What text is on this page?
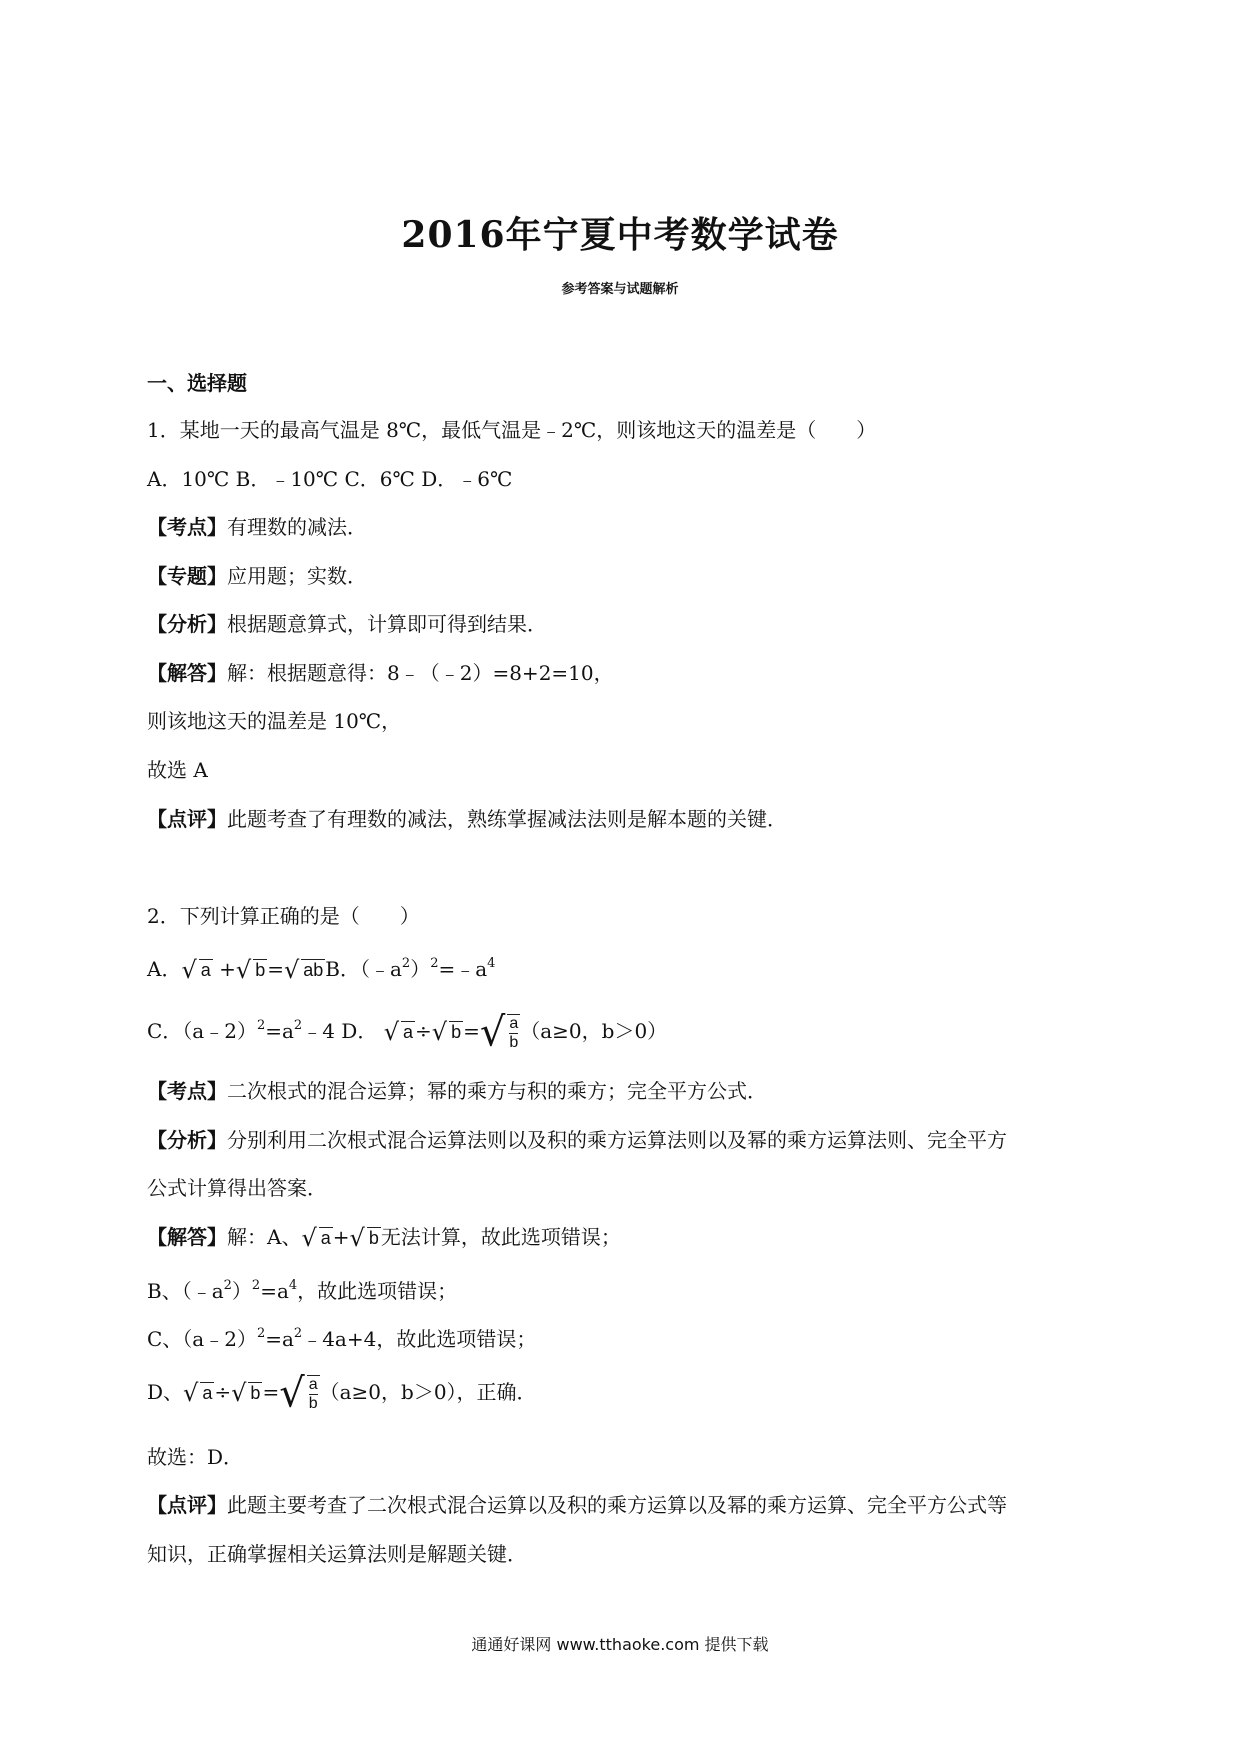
2016年宁夏中考数学试卷
参考答案与试题解析
一、选择题
1．某地一天的最高气温是 8℃，最低气温是﹣2℃，则该地这天的温差是（　　）
A．10℃ B．﹣10℃ C．6℃ D．﹣6℃
【考点】有理数的减法．
【专题】应用题；实数．
【分析】根据题意算式，计算即可得到结果．
【解答】解：根据题意得：8﹣（﹣2）=8+2=10，
则该地这天的温差是 10℃，
故选 A
【点评】此题考查了有理数的减法，熟练掌握减法法则是解本题的关键．
2．下列计算正确的是（　　）
A．√ a +√ b =√ ab B．$(﹣a^2)^2=﹣a^4$
C．$(a﹣2)^2=a^2﹣4$ D． √ a ÷√ b =√ $\frac{a}{b} (a\ge 0$，b＞0）
【考点】二次根式的混合运算；幂的乘方与积的乘方；完全平方公式．
【分析】分别利用二次根式混合运算法则以及积的乘方运算法则以及幂的乘方运算法则、完全平方
公式计算得出答案．
【解答】解：A、√ a +√ b 无法计算，故此选项错误；
B、$(﹣a^2)^2=a^4$，故此选项错误；
C、$(a﹣2)^2=a^2﹣4a+4$，故此选项错误；
D、√ a ÷√ b =√ $\frac{a}{b} (a\ge 0$，b＞0），正确．
故选：D．
【点评】此题主要考查了二次根式混合运算以及积的乘方运算以及幂的乘方运算、完全平方公式等
知识，正确掌握相关运算法则是解题关键．
通通好课网 www.tthaoke.com 提供下载
